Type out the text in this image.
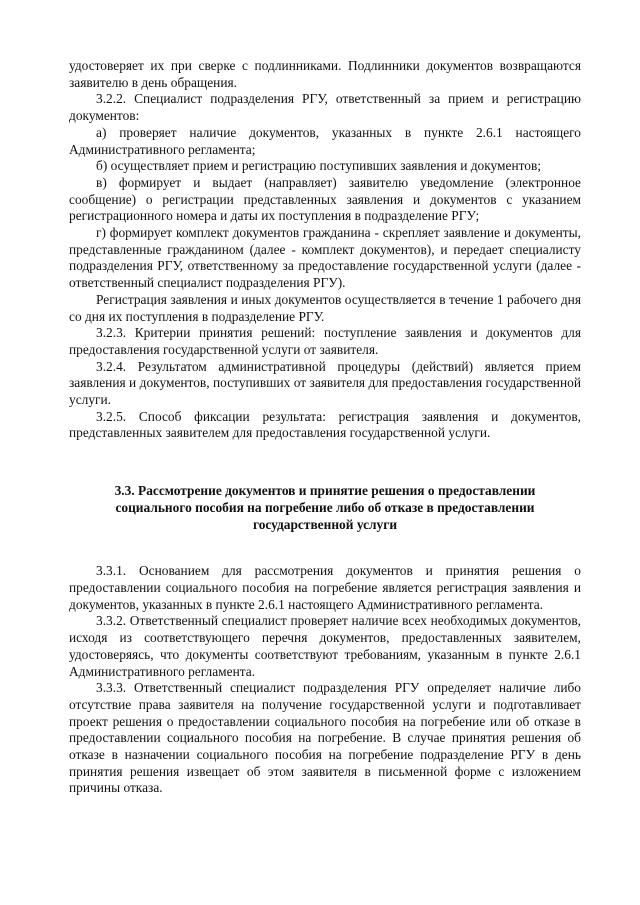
удостоверяет их при сверке с подлинниками. Подлинники документов возвращаются заявителю в день обращения.

3.2.2. Специалист подразделения РГУ, ответственный за прием и регистрацию документов:

а) проверяет наличие документов, указанных в пункте 2.6.1 настоящего Административного регламента;

б) осуществляет прием и регистрацию поступивших заявления и документов;

в) формирует и выдает (направляет) заявителю уведомление (электронное сообщение) о регистрации представленных заявления и документов с указанием регистрационного номера и даты их поступления в подразделение РГУ;

г) формирует комплект документов гражданина - скрепляет заявление и документы, представленные гражданином (далее - комплект документов), и передает специалисту подразделения РГУ, ответственному за предоставление государственной услуги (далее - ответственный специалист подразделения РГУ).

Регистрация заявления и иных документов осуществляется в течение 1 рабочего дня со дня их поступления в подразделение РГУ.

3.2.3. Критерии принятия решений: поступление заявления и документов для предоставления государственной услуги от заявителя.

3.2.4. Результатом административной процедуры (действий) является прием заявления и документов, поступивших от заявителя для предоставления государственной услуги.

3.2.5. Способ фиксации результата: регистрация заявления и документов, представленных заявителем для предоставления государственной услуги.

3.3. Рассмотрение документов и принятие решения о предоставлении социального пособия на погребение либо об отказе в предоставлении государственной услуги

3.3.1. Основанием для рассмотрения документов и принятия решения о предоставлении социального пособия на погребение является регистрация заявления и документов, указанных в пункте 2.6.1 настоящего Административного регламента.

3.3.2. Ответственный специалист проверяет наличие всех необходимых документов, исходя из соответствующего перечня документов, предоставленных заявителем, удостоверяясь, что документы соответствуют требованиям, указанным в пункте 2.6.1 Административного регламента.

3.3.3. Ответственный специалист подразделения РГУ определяет наличие либо отсутствие права заявителя на получение государственной услуги и подготавливает проект решения о предоставлении социального пособия на погребение или об отказе в предоставлении социального пособия на погребение. В случае принятия решения об отказе в назначении социального пособия на погребение подразделение РГУ в день принятия решения извещает об этом заявителя в письменной форме с изложением причины отказа.
